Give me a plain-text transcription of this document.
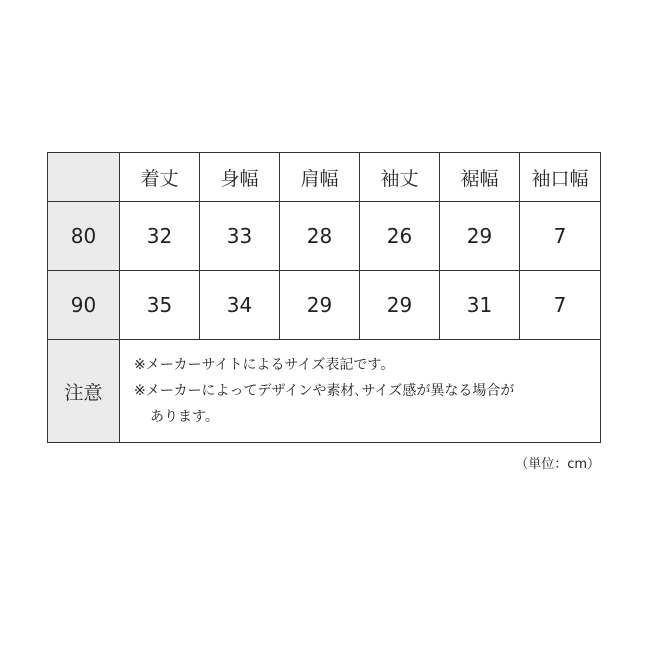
	着丈	身幅	肩幅	袖丈	裾幅	袖口幅
80	32	33	28	26	29	7
90	35	34	29	29	31	7
注意	※メーカーサイトによるサイズ表記です。
※メーカーによってデザインや素材､サイズ感が異なる場合が
あります。					
（単位：cm）
